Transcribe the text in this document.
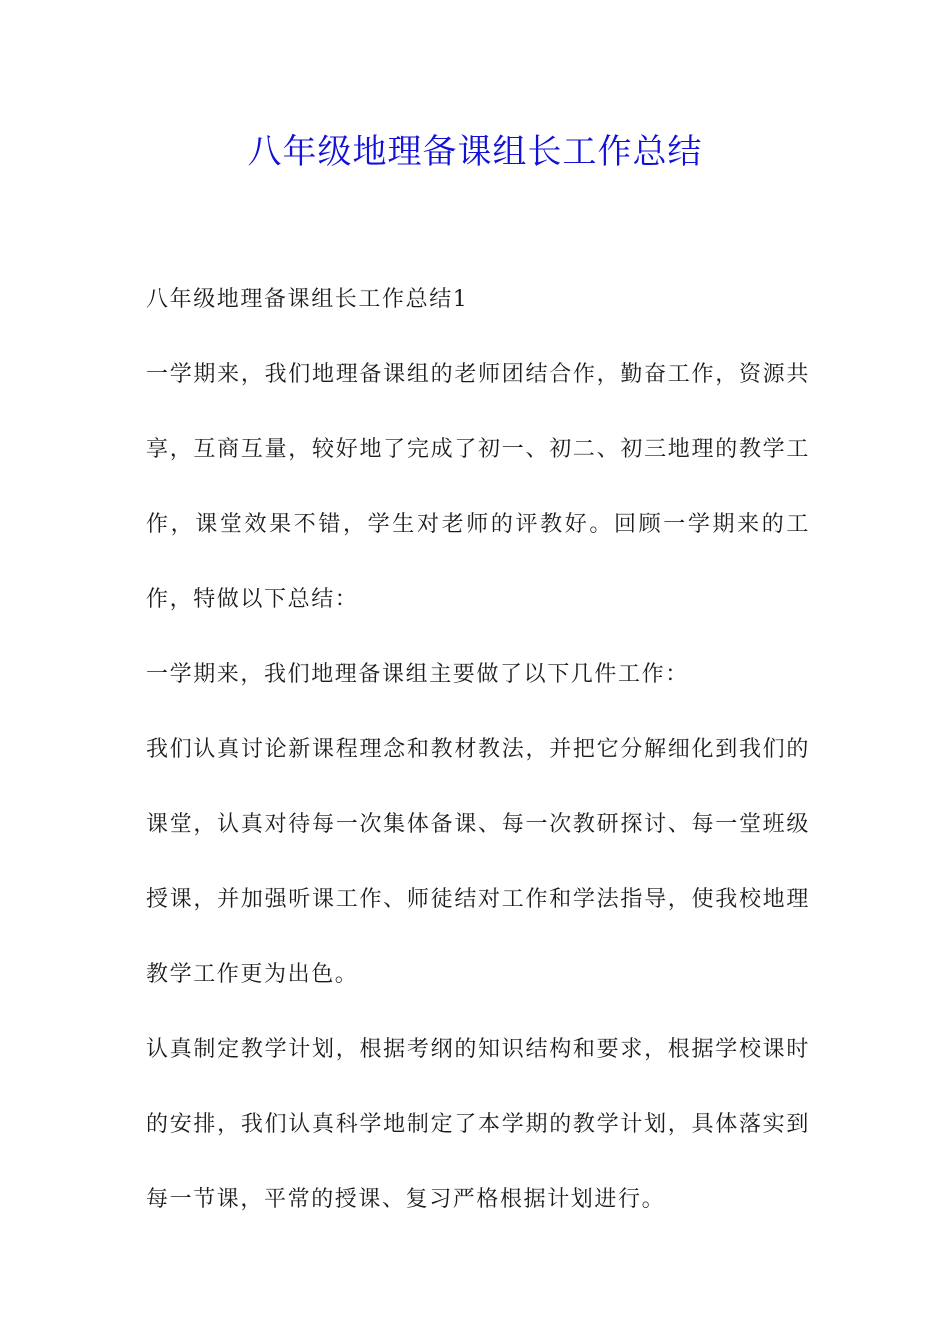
八年级地理备课组长工作总结

八年级地理备课组长工作总结1

一学期来，我们地理备课组的老师团结合作，勤奋工作，资源共享，互商互量，较好地了完成了初一、初二、初三地理的教学工作，课堂效果不错，学生对老师的评教好。回顾一学期来的工作，特做以下总结：

一学期来，我们地理备课组主要做了以下几件工作：

我们认真讨论新课程理念和教材教法，并把它分解细化到我们的课堂，认真对待每一次集体备课、每一次教研探讨、每一堂班级授课，并加强听课工作、师徒结对工作和学法指导，使我校地理教学工作更为出色。

认真制定教学计划，根据考纲的知识结构和要求，根据学校课时的安排，我们认真科学地制定了本学期的教学计划，具体落实到每一节课，平常的授课、复习严格根据计划进行。
